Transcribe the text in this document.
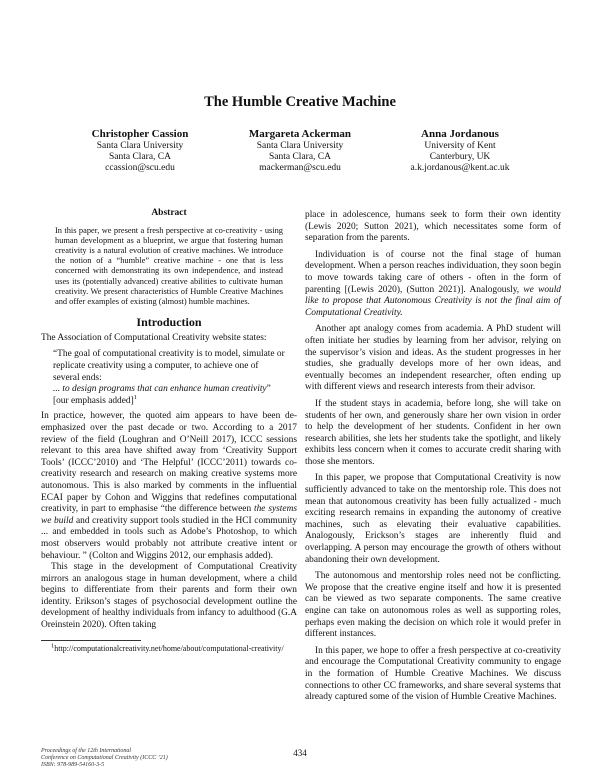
The Humble Creative Machine
Christopher Cassion
Santa Clara University
Santa Clara, CA
ccassion@scu.edu
Margareta Ackerman
Santa Clara University
Santa Clara, CA
mackerman@scu.edu
Anna Jordanous
University of Kent
Canterbury, UK
a.k.jordanous@kent.ac.uk
Abstract

In this paper, we present a fresh perspective at co-creativity - using human development as a blueprint, we argue that fostering human creativity is a natural evolution of creative machines. We introduce the notion of a “humble” creative machine - one that is less concerned with demonstrating its own independence, and instead uses its (potentially advanced) creative abilities to cultivate human creativity. We present characteristics of Humble Creative Machines and offer examples of existing (almost) humble machines.

Introduction

The Association of Computational Creativity website states:

“The goal of computational creativity is to model, simulate or replicate creativity using a computer, to achieve one of several ends:
... to design programs that can enhance human creativity” [our emphasis added]$^1$

In practice, however, the quoted aim appears to have been de-emphasized over the past decade or two. According to a 2017 review of the field (Loughran and O’Neill 2017), ICCC sessions relevant to this area have shifted away from ‘Creativity Support Tools’ (ICCC’2010) and ‘The Helpful’ (ICCC’2011) towards co-creativity research and research on making creative systems more autonomous. This is also marked by comments in the influential ECAI paper by Cohon and Wiggins that redefines computational creativity, in part to emphasise “the difference between the systems we build and creativity support tools studied in the HCI community ... and embedded in tools such as Adobe’s Photoshop, to which most observers would probably not attribute creative intent or behaviour. ” (Colton and Wiggins 2012, our emphasis added).

This stage in the development of Computational Creativity mirrors an analogous stage in human development, where a child begins to differentiate from their parents and form their own identity. Erikson’s stages of psychosocial development outline the development of healthy individuals from infancy to adulthood (G.A Oreinstein 2020). Often taking

$^1$http://computationalcreativity.net/home/about/computational-creativity/

place in adolescence, humans seek to form their own identity (Lewis 2020; Sutton 2021), which necessitates some form of separation from the parents.

Individuation is of course not the final stage of human development. When a person reaches individuation, they soon begin to move towards taking care of others - often in the form of parenting [(Lewis 2020), (Sutton 2021)]. Analogously, we would like to propose that Autonomous Creativity is not the final aim of Computational Creativity.

Another apt analogy comes from academia. A PhD student will often initiate her studies by learning from her advisor, relying on the supervisor’s vision and ideas. As the student progresses in her studies, she gradually develops more of her own ideas, and eventually becomes an independent researcher, often ending up with different views and research interests from their advisor.

If the student stays in academia, before long, she will take on students of her own, and generously share her own vision in order to help the development of her students. Confident in her own research abilities, she lets her students take the spotlight, and likely exhibits less concern when it comes to accurate credit sharing with those she mentors.

In this paper, we propose that Computational Creativity is now sufficiently advanced to take on the mentorship role. This does not mean that autonomous creativity has been fully actualized - much exciting research remains in expanding the autonomy of creative machines, such as elevating their evaluative capabilities. Analogously, Erickson’s stages are inherently fluid and overlapping. A person may encourage the growth of others without abandoning their own development.

The autonomous and mentorship roles need not be conflicting. We propose that the creative engine itself and how it is presented can be viewed as two separate components. The same creative engine can take on autonomous roles as well as supporting roles, perhaps even making the decision on which role it would prefer in different instances.

In this paper, we hope to offer a fresh perspective at co-creativity and encourage the Computational Creativity community to engage in the formation of Humble Creative Machines. We discuss connections to other CC frameworks, and share several systems that already captured some of the vision of Humble Creative Machines.

Proceedings of the 12th International
Conference on Computational Creativity (ICCC ’21)
ISBN: 978-989-54160-3-5
434
